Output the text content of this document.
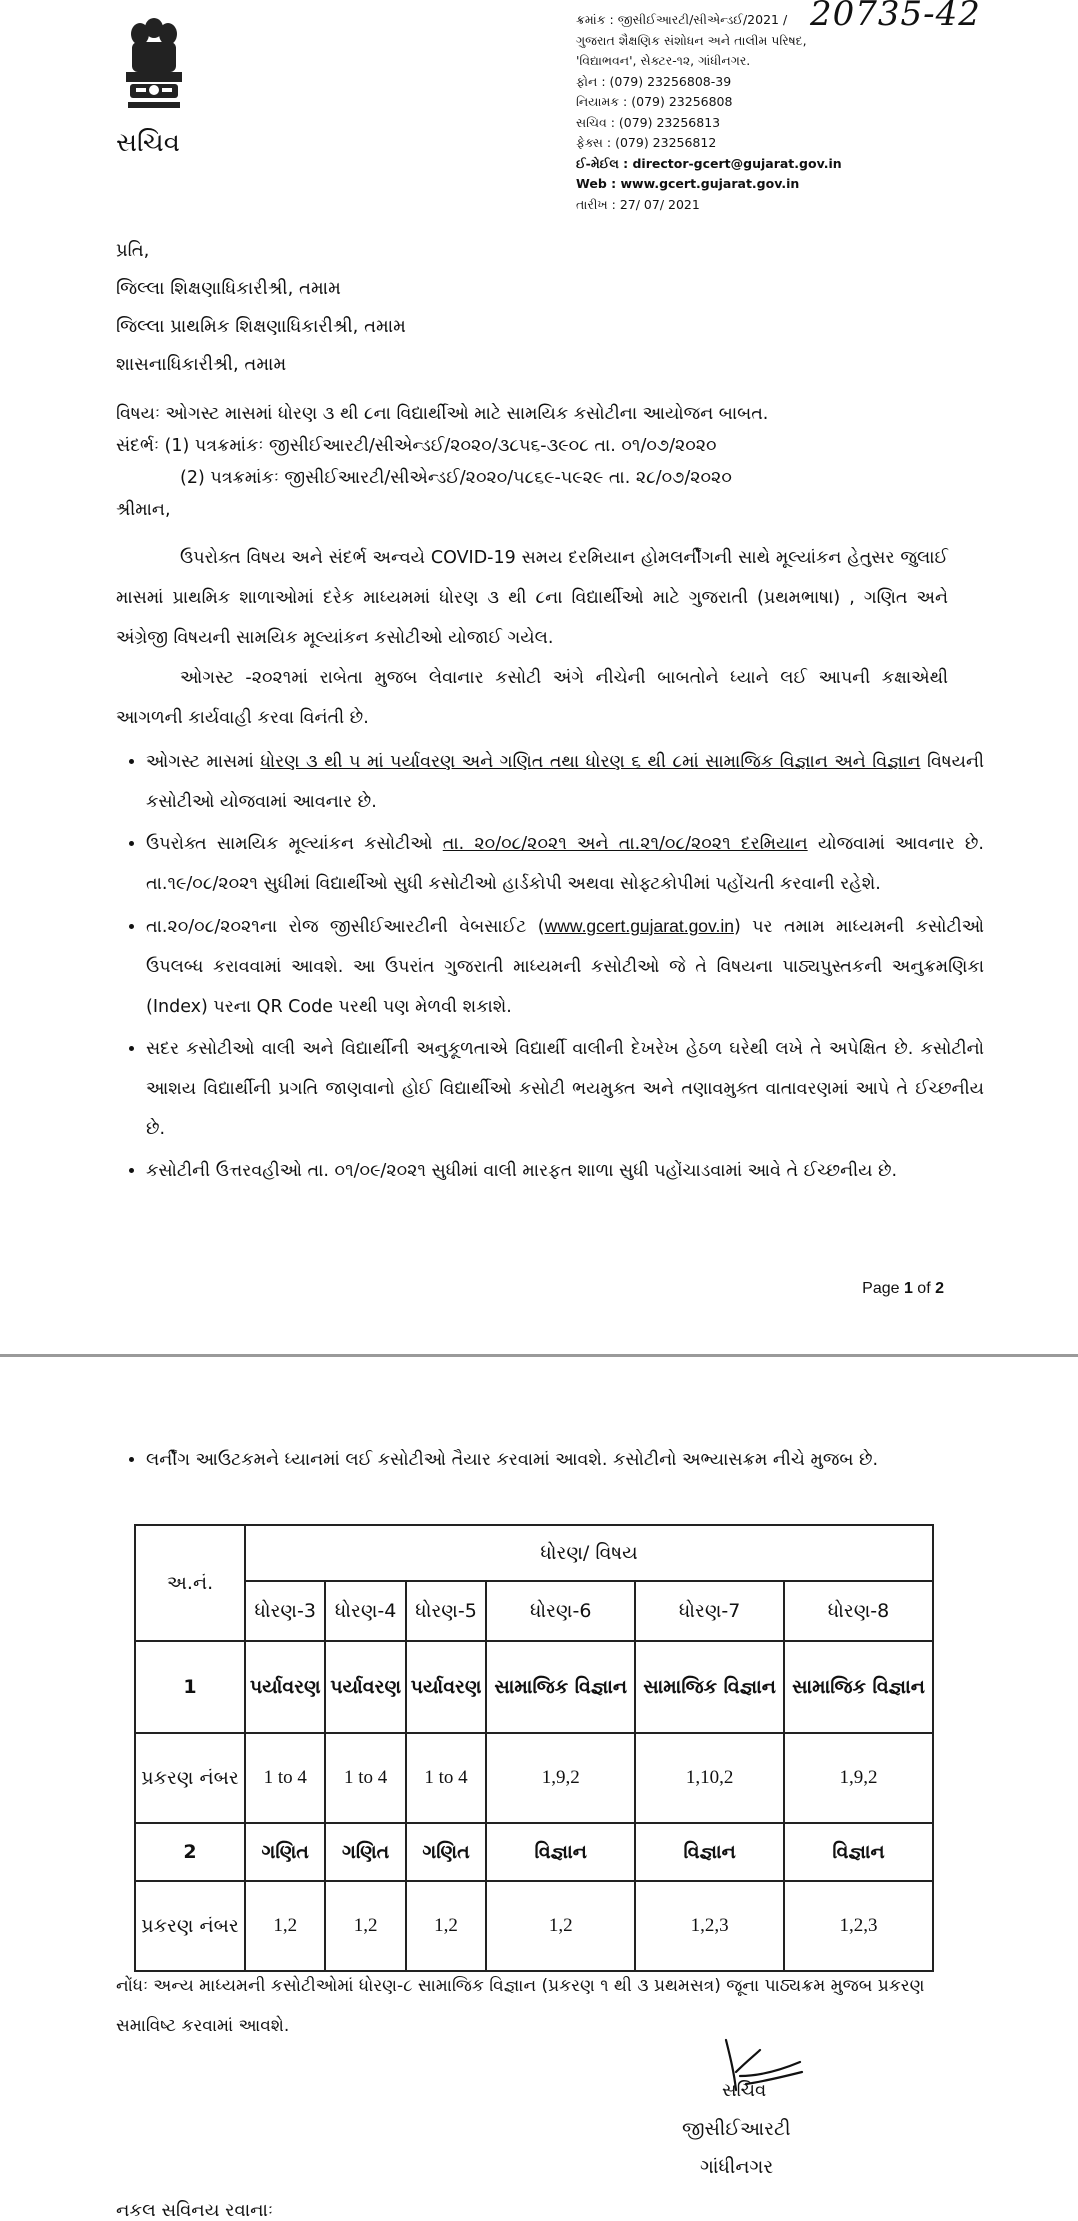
સચિવ
ક્રમાંક : જીસીઈઆરટી/સીએન્ડઈ/2021 / 20735-42
ગુજરાત શૈક્ષણિક સંશોધન અને તાલીમ પરિષદ,
'વિદ્યાભવન', સેક્ટર-૧૨, ગાંધીનગર.
ફોન : (079) 23256808-39
નિયામક : (079) 23256808
સચિવ : (079) 23256813
ફેક્સ : (079) 23256812
ઈ-મેઈલ : director-gcert@gujarat.gov.in
Web : www.gcert.gujarat.gov.in
તારીખ : 27/ 07/ 2021
પ્રતિ,
જિલ્લા શિક્ષણાધિકારીશ્રી, તમામ
જિલ્લા પ્રાથમિક શિક્ષણાધિકારીશ્રી, તમામ
શાસનાધિકારીશ્રી, તમામ
વિષયઃ ઓગસ્ટ માસમાં ધોરણ ૩ થી ૮ના વિદ્યાર્થીઓ માટે સામયિક કસોટીના આયોજન બાબત.
સંદર્ભઃ (1) પત્રક્રમાંકઃ જીસીઈઆરટી/સીએન્ડઈ/૨૦૨૦/૩૮૫૬-૩૯૦૮ તા. ૦૧/૦૭/૨૦૨૦
(2) પત્રક્રમાંકઃ જીસીઈઆરટી/સીએન્ડઈ/૨૦૨૦/૫૮૬૯-૫૯૨૯ તા. ૨૮/૦૭/૨૦૨૦
શ્રીમાન,
ઉપરોક્ત વિષય અને સંદર્ભ અન્વયે COVID-19 સમય દરમિયાન હોમલર્નીંગની સાથે મૂલ્યાંકન હેતુસર જુલાઈ માસમાં પ્રાથમિક શાળાઓમાં દરેક માધ્યમમાં ધોરણ ૩ થી ૮ના વિદ્યાર્થીઓ માટે ગુજરાતી (પ્રથમભાષા) , ગણિત અને અંગ્રેજી વિષયની સામયિક મૂલ્યાંકન કસોટીઓ યોજાઈ ગયેલ.
ઓગસ્ટ -૨૦૨૧માં રાબેતા મુજબ લેવાનાર કસોટી અંગે નીચેની બાબતોને ધ્યાને લઈ આપની કક્ષાએથી આગળની કાર્યવાહી કરવા વિનંતી છે.
• ઓગસ્ટ માસમાં ધોરણ ૩ થી ૫ માં પર્યાવરણ અને ગણિત તથા ધોરણ ૬ થી ૮માં સામાજિક વિજ્ઞાન અને વિજ્ઞાન વિષયની કસોટીઓ યોજવામાં આવનાર છે.
• ઉપરોક્ત સામયિક મૂલ્યાંકન કસોટીઓ તા. ૨૦/૦૮/૨૦૨૧ અને તા.૨૧/૦૮/૨૦૨૧ દરમિયાન યોજવામાં આવનાર છે. તા.૧૯/૦૮/૨૦૨૧ સુધીમાં વિદ્યાર્થીઓ સુધી કસોટીઓ હાર્ડકોપી અથવા સોફ્ટકોપીમાં પહોંચતી કરવાની રહેશે.
• તા.૨૦/૦૮/૨૦૨૧ના રોજ જીસીઈઆરટીની વેબસાઈટ (www.gcert.gujarat.gov.in) પર તમામ માધ્યમની કસોટીઓ ઉપલબ્ધ કરાવવામાં આવશે. આ ઉપરાંત ગુજરાતી માધ્યમની કસોટીઓ જે તે વિષયના પાઠ્યપુસ્તકની અનુક્રમણિકા (Index) પરના QR Code પરથી પણ મેળવી શકાશે.
• સદર કસોટીઓ વાલી અને વિદ્યાર્થીની અનુકૂળતાએ વિદ્યાર્થી વાલીની દેખરેખ હેઠળ ઘરેથી લખે તે અપેક્ષિત છે. કસોટીનો આશય વિદ્યાર્થીની પ્રગતિ જાણવાનો હોઈ વિદ્યાર્થીઓ કસોટી ભયમુક્ત અને તણાવમુક્ત વાતાવરણમાં આપે તે ઈચ્છનીય છે.
• કસોટીની ઉત્તરવહીઓ તા. ૦૧/૦૯/૨૦૨૧ સુધીમાં વાલી મારફત શાળા સુધી પહોંચાડવામાં આવે તે ઈચ્છનીય છે.
Page 1 of 2
• લર્નીંગ આઉટકમને ધ્યાનમાં લઈ કસોટીઓ તૈયાર કરવામાં આવશે. કસોટીનો અભ્યાસક્રમ નીચે મુજબ છે.
અ.નં.	ધોરણ/ વિષય					
	ધોરણ-3	ધોરણ-4	ધોરણ-5	ધોરણ-6	ધોરણ-7	ધોરણ-8
1	પર્યાવરણ	પર્યાવરણ	પર્યાવરણ	સામાજિક વિજ્ઞાન	સામાજિક વિજ્ઞાન	સામાજિક વિજ્ઞાન
પ્રકરણ નંબર	1 to 4	1 to 4	1 to 4	1,9,2	1,10,2	1,9,2
2	ગણિત	ગણિત	ગણિત	વિજ્ઞાન	વિજ્ઞાન	વિજ્ઞાન
પ્રકરણ નંબર	1,2	1,2	1,2	1,2	1,2,3	1,2,3
નોંધઃ અન્ય માધ્યમની કસોટીઓમાં ધોરણ-૮ સામાજિક વિજ્ઞાન (પ્રકરણ ૧ થી ૩ પ્રથમસત્ર) જૂના પાઠ્યક્રમ મુજબ પ્રકરણ સમાવિષ્ટ કરવામાં આવશે.
સચિવ
જીસીઈઆરટી
ગાંધીનગર
નકલ સવિનય રવાનાઃ
